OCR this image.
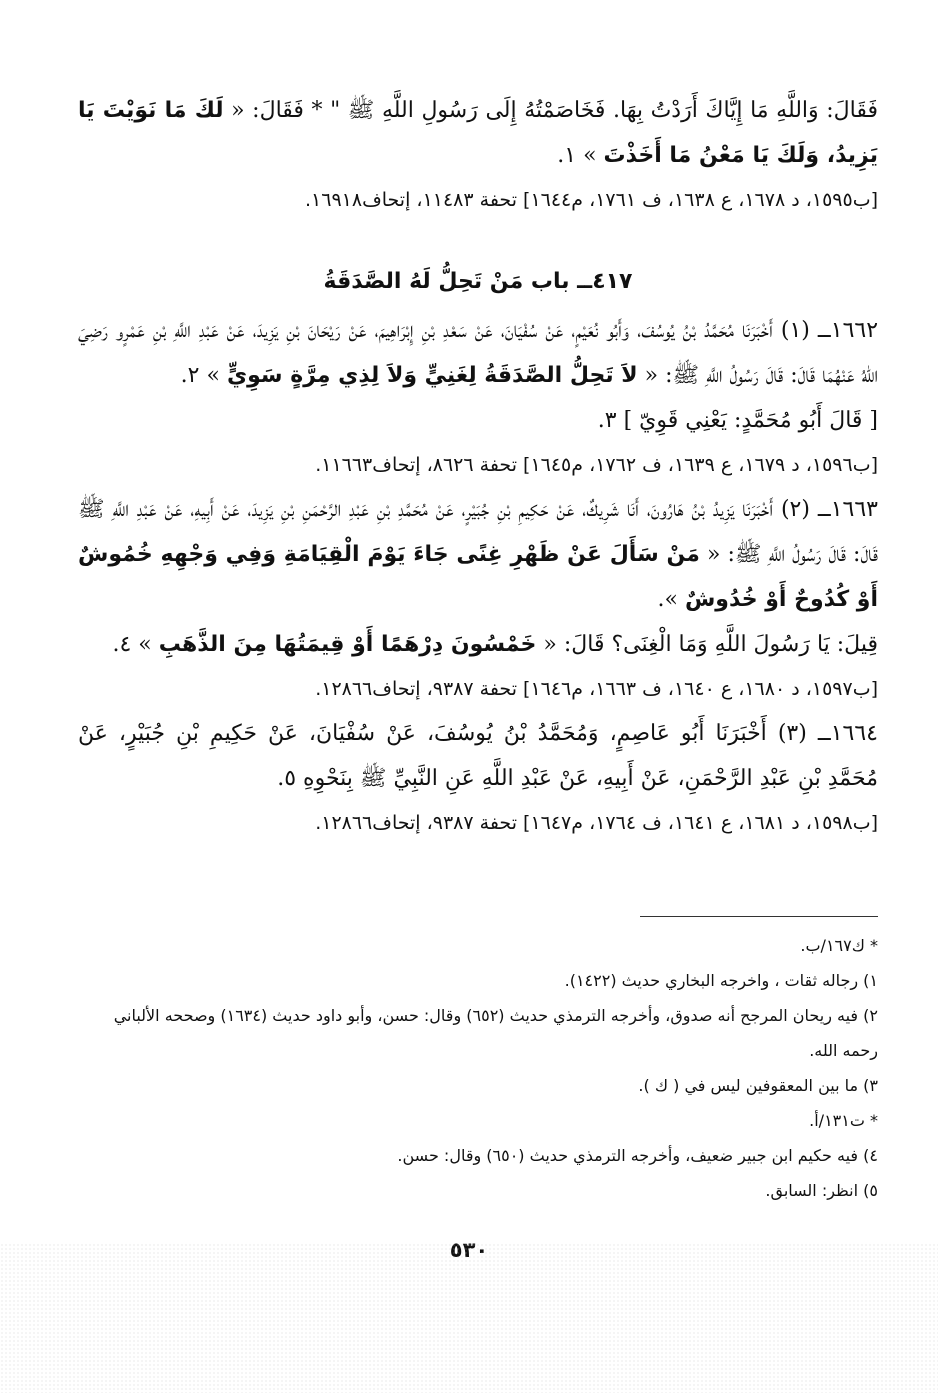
فَقَالَ: وَاللَّهِ مَا إِيَّاكَ أَرَدْتُ بِهَا. فَخَاصَمْتُهُ إِلَى رَسُولِ اللَّهِ ﷺ " * فَقَالَ: « لَكَ مَا نَوَيْتَ يَا يَزِيدُ، وَلَكَ يَا مَعْنُ مَا أَخَذْتَ » ١.

[ب١٥٩٥، د ١٦٧٨، ع ١٦٣٨، ف ١٧٦١، م١٦٤٤] تحفة ١١٤٨٣، إتحاف١٦٩١٨.

٤١٧ــ باب مَنْ تَحِلُّ لَهُ الصَّدَقَةُ

١٦٦٢ــ (١) أَخْبَرَنَا مُحَمَّدُ بْنُ يُوسُفَ، وَأَبُو نُعَيْمٍ، عَنْ سُفْيَانَ، عَنْ سَعْدِ بْنِ إِبْرَاهِيمَ، عَنْ رَيْحَانَ بْنِ يَزِيدَ، عَنْ عَبْدِ اللَّهِ بْنِ عَمْرٍو رَضِيَ اللهُ عَنْهُمَا قَالَ: قَالَ رَسُولُ اللَّهِ ﷺ: « لاَ تَحِلُّ الصَّدَقَةُ لِغَنِيٍّ وَلاَ لِذِي مِرَّةٍ سَوِيٍّ » ٢.

[ قَالَ أَبُو مُحَمَّدٍ: يَعْنِي قَوِيّ ] ٣.

[ب١٥٩٦، د ١٦٧٩، ع ١٦٣٩، ف ١٧٦٢، م١٦٤٥] تحفة ٨٦٢٦، إتحاف١١٦٦٣.

١٦٦٣ــ (٢) أَخْبَرَنَا يَزِيدُ بْنُ هَارُونَ، أَنَا شَرِيكٌ، عَنْ حَكِيمِ بْنِ جُبَيْرٍ، عَنْ مُحَمَّدِ بْنِ عَبْدِ الرَّحْمَنِ بْنِ يَزِيدَ، عَنْ أَبِيهِ، عَنْ عَبْدِ اللَّهِ ﷺ قَالَ: قَالَ رَسُولُ اللَّهِ ﷺ: « مَنْ سَأَلَ عَنْ ظَهْرِ غِنًى جَاءَ يَوْمَ الْقِيَامَةِ وَفِي وَجْهِهِ خُمُوشٌ أَوْ كُدُوحٌ أَوْ خُدُوشٌ ».

قِيلَ: يَا رَسُولَ اللَّهِ وَمَا الْغِنَى؟ قَالَ: « خَمْسُونَ دِرْهَمًا أَوْ قِيمَتُهَا مِنَ الذَّهَبِ » ٤.

[ب١٥٩٧، د ١٦٨٠، ع ١٦٤٠، ف ١٦٦٣، م١٦٤٦] تحفة ٩٣٨٧، إتحاف١٢٨٦٦.

١٦٦٤ــ (٣) أَخْبَرَنَا أَبُو عَاصِمٍ، وَمُحَمَّدُ بْنُ يُوسُفَ، عَنْ سُفْيَانَ، عَنْ حَكِيمِ بْنِ جُبَيْرٍ، عَنْ مُحَمَّدِ بْنِ عَبْدِ الرَّحْمَنِ، عَنْ أَبِيهِ، عَنْ عَبْدِ اللَّهِ عَنِ النَّبِيِّ ﷺ بِنَحْوِهِ ٥.

[ب١٥٩٨، د ١٦٨١، ع ١٦٤١، ف ١٧٦٤، م١٦٤٧] تحفة ٩٣٨٧، إتحاف١٢٨٦٦.

* ك١٦٧/ب.

١) رجاله ثقات ، واخرجه البخاري حديث (١٤٢٢).

٢) فيه ريحان المرجح أنه صدوق، وأخرجه الترمذي حديث (٦٥٢) وقال: حسن، وأبو داود حديث (١٦٣٤) وصححه الألباني رحمه الله.

٣) ما بين المعقوفين ليس في ( ك ).

* ت١٣١/أ.

٤) فيه حكيم ابن جبير ضعيف، وأخرجه الترمذي حديث (٦٥٠) وقال: حسن.

٥) انظر: السابق.

٥٣٠
